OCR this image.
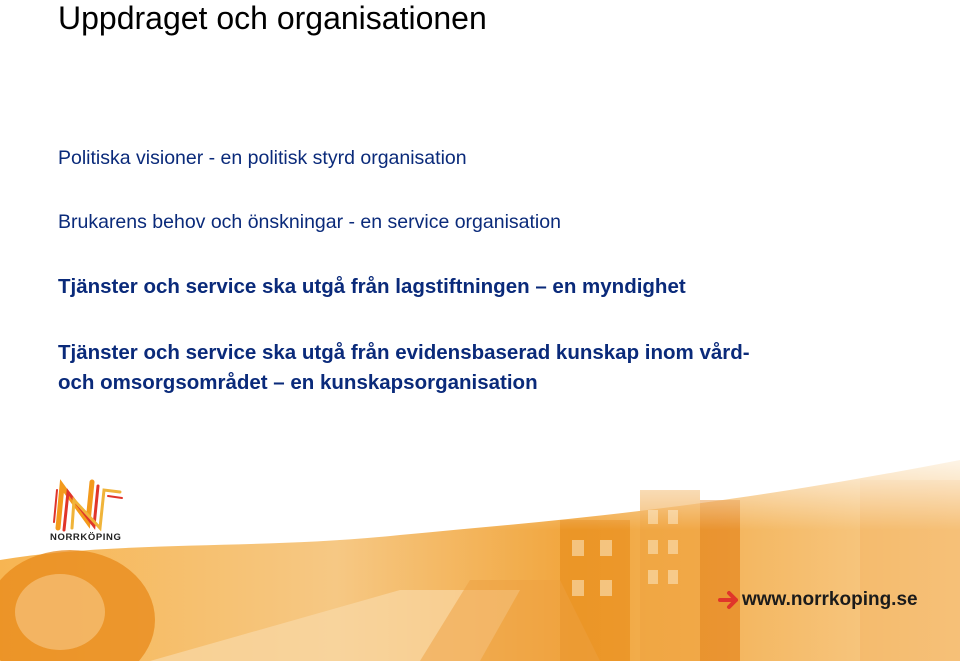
Uppdraget och organisationen
Politiska visioner - en politisk styrd organisation
Brukarens behov och önskningar - en service organisation
Tjänster och service ska utgå från lagstiftningen – en myndighet
Tjänster och service ska utgå från evidensbaserad kunskap inom vård-
och omsorgsområdet – en kunskapsorganisation
NORRKÖPING
www.norrkoping.se
